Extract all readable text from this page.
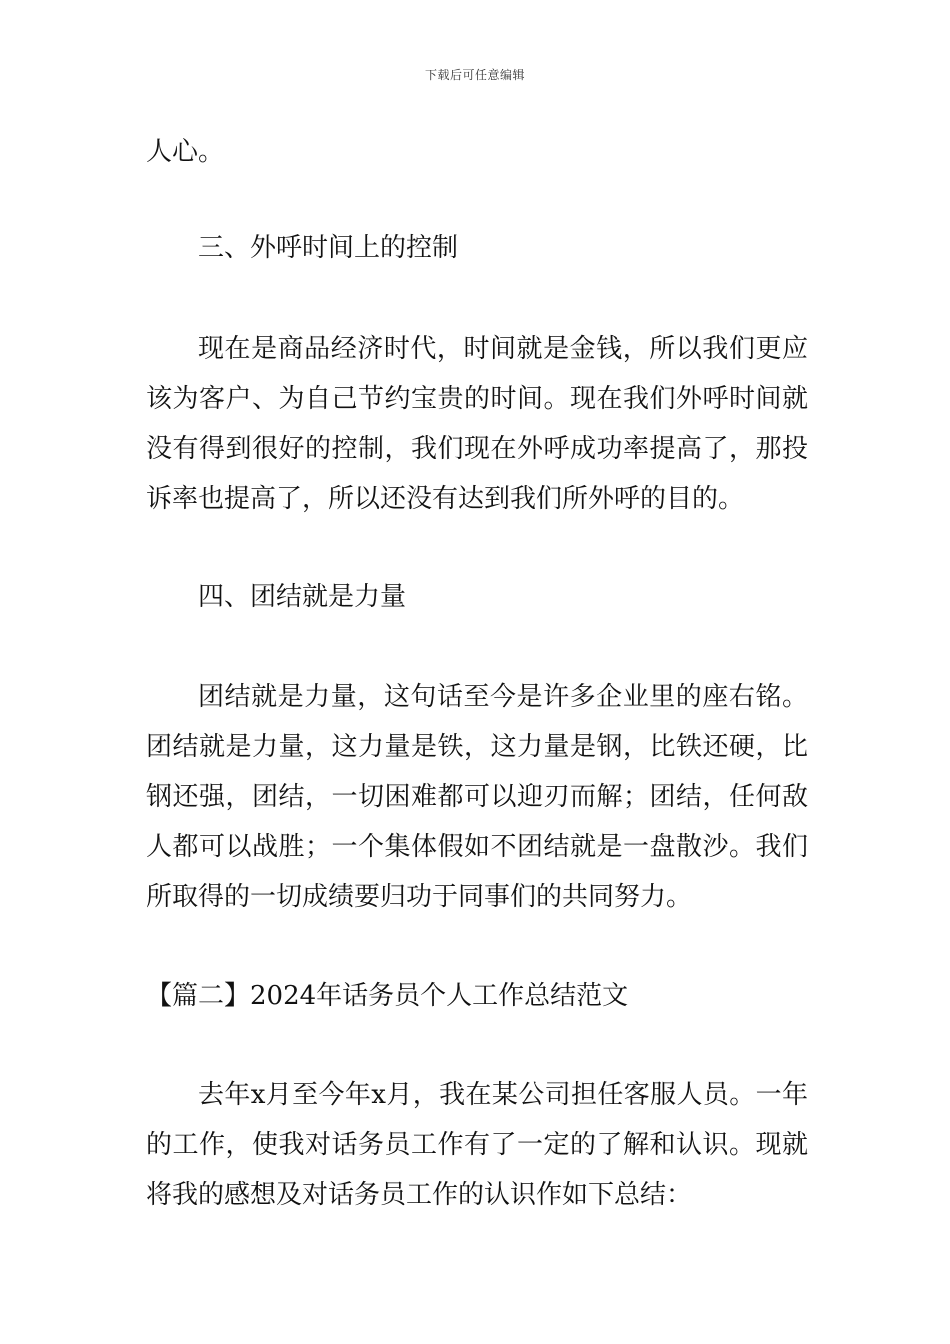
下载后可任意编辑

人心。

三、外呼时间上的控制

现在是商品经济时代，时间就是金钱，所以我们更应该为客户、为自己节约宝贵的时间。现在我们外呼时间就没有得到很好的控制，我们现在外呼成功率提高了，那投诉率也提高了，所以还没有达到我们所外呼的目的。

四、团结就是力量

团结就是力量，这句话至今是许多企业里的座右铭。团结就是力量，这力量是铁，这力量是钢，比铁还硬，比钢还强，团结，一切困难都可以迎刃而解；团结，任何敌人都可以战胜；一个集体假如不团结就是一盘散沙。我们所取得的一切成绩要归功于同事们的共同努力。

【篇二】2024年话务员个人工作总结范文

去年x月至今年x月，我在某公司担任客服人员。一年的工作，使我对话务员工作有了一定的了解和认识。现就将我的感想及对话务员工作的认识作如下总结：
